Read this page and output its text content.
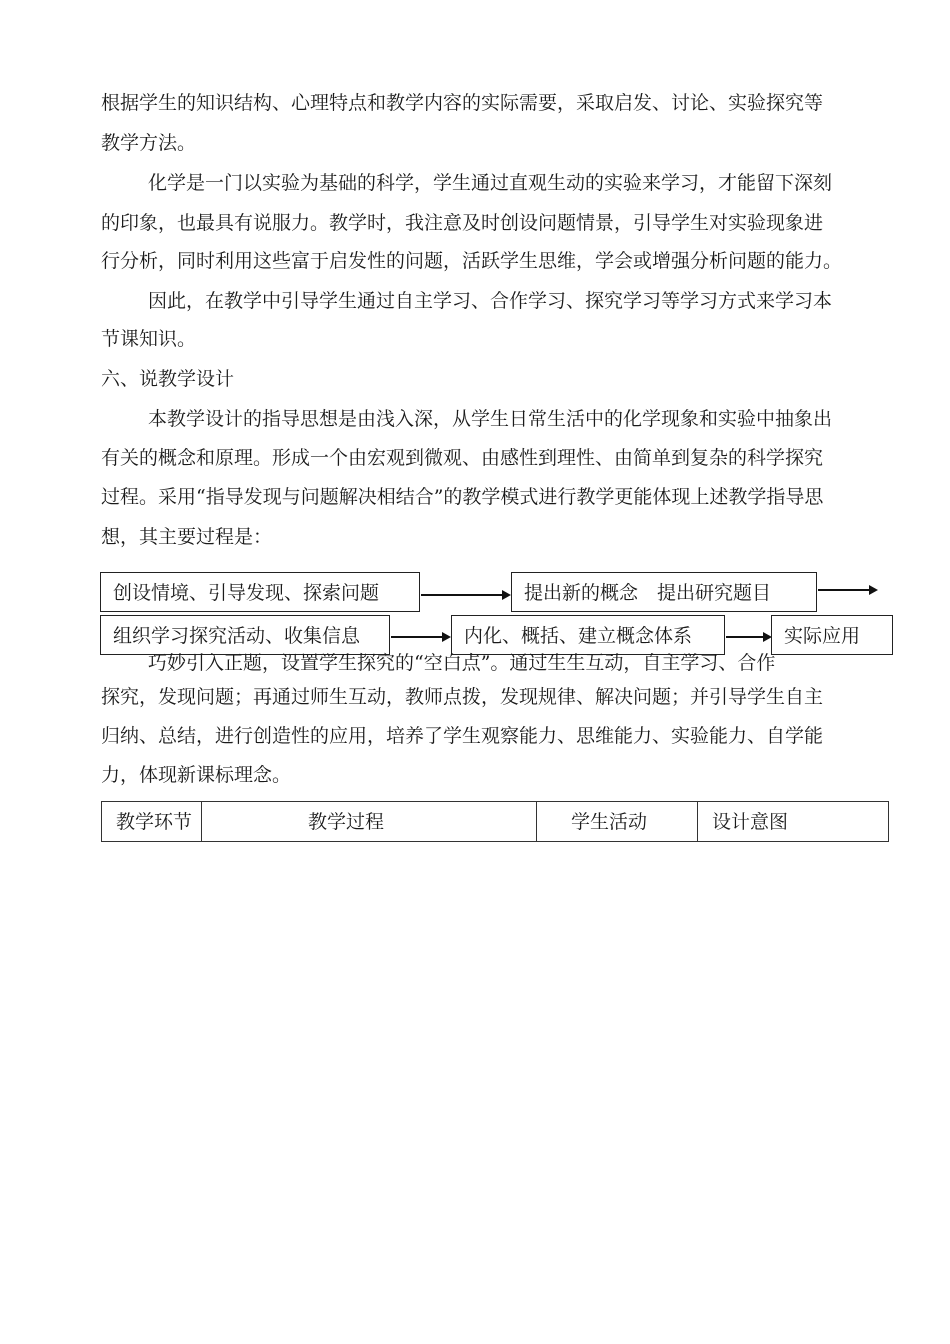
根据学生的知识结构、心理特点和教学内容的实际需要，采取启发、讨论、实验探究等
教学方法。
化学是一门以实验为基础的科学，学生通过直观生动的实验来学习，才能留下深刻
的印象，也最具有说服力。教学时，我注意及时创设问题情景，引导学生对实验现象进
行分析，同时利用这些富于启发性的问题，活跃学生思维，学会或增强分析问题的能力。
因此，在教学中引导学生通过自主学习、合作学习、探究学习等学习方式来学习本
节课知识。
六、说教学设计
本教学设计的指导思想是由浅入深，从学生日常生活中的化学现象和实验中抽象出
有关的概念和原理。形成一个由宏观到微观、由感性到理性、由简单到复杂的科学探究
过程。采用“指导发现与问题解决相结合”的教学模式进行教学更能体现上述教学指导思
想，其主要过程是：
创设情境、引导发现、探索问题	提出新的概念　提出研究题目
组织学习探究活动、收集信息	内化、概括、建立概念体系	实际应用
巧妙引入正题，设置学生探究的“空白点”。通过生生互动，自主学习、合作
探究，发现问题；再通过师生互动，教师点拨，发现规律、解决问题；并引导学生自主
归纳、总结，进行创造性的应用，培养了学生观察能力、思维能力、实验能力、自学能
力，体现新课标理念。
教学环节	教学过程	学生活动	设计意图
